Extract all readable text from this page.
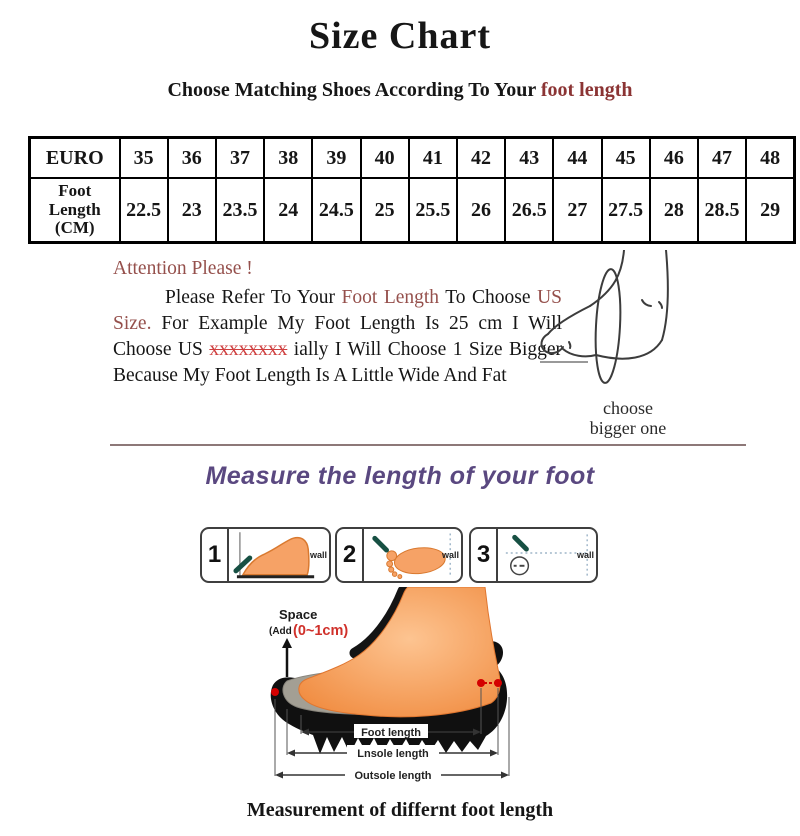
Size Chart
Choose Matching Shoes According To Your foot length
EURO	35	36	37	38	39	40	41	42	43	44	45	46	47	48

Foot
Length
(CM)	22.5	23	23.5	24	24.5	25	25.5	26	26.5	27	27.5	28	28.5	29
Attention Please !

Please Refer To Your Foot Length To Choose US Size. For Example My Foot Length Is 25 cm I Will Choose US xxxxxxxx ially I Will Choose 1 Size Bigger Because My Foot Length Is A Little Wide And Fat

choose
bigger one
Measure the length of your foot
1	wall 2	wall 3	wall
Space
(Add (0~1cm)
Foot length
Lnsole length
Outsole length
Measurement of differnt foot length
